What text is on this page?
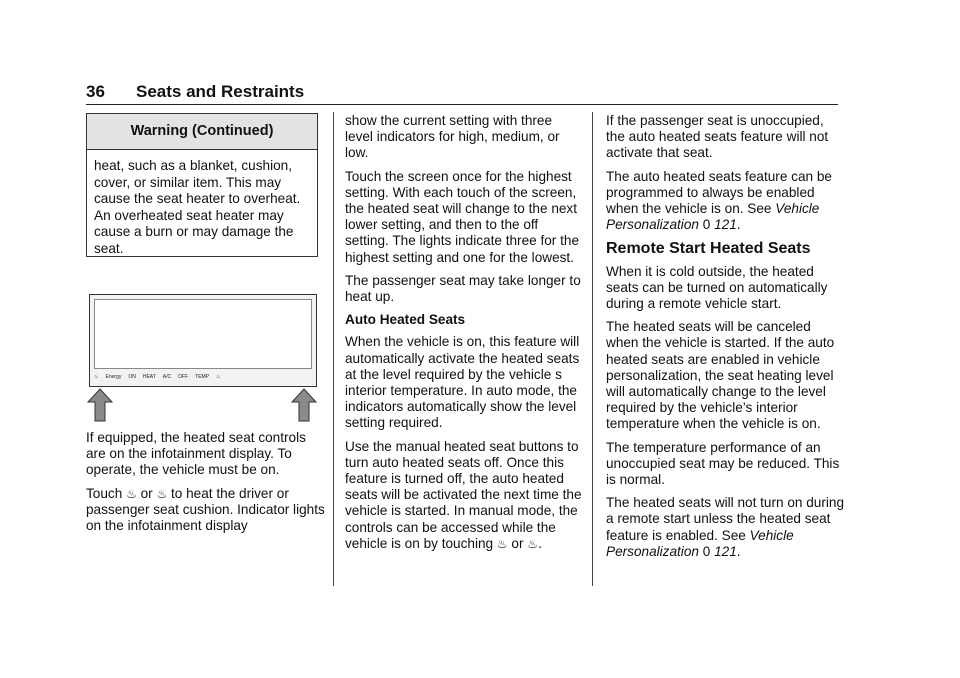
36 Seats and Restraints
Warning (Continued)
heat, such as a blanket, cushion, cover, or similar item. This may cause the seat heater to overheat. An overheated seat heater may cause a burn or may damage the seat.
♨ Energy ON HEAT A/C OFF TEMP ♨

If equipped, the heated seat controls are on the infotainment display. To operate, the vehicle must be on.

Touch ♨ or ♨ to heat the driver or passenger seat cushion. Indicator lights on the infotainment display

show the current setting with three level indicators for high, medium, or low.

Touch the screen once for the highest setting. With each touch of the screen, the heated seat will change to the next lower setting, and then to the off setting. The lights indicate three for the highest setting and one for the lowest.

The passenger seat may take longer to heat up.

Auto Heated Seats

When the vehicle is on, this feature will automatically activate the heated seats at the level required by the vehicle s interior temperature. In auto mode, the indicators automatically show the level setting required.

Use the manual heated seat buttons to turn auto heated seats off. Once this feature is turned off, the auto heated seats will be activated the next time the vehicle is started. In manual mode, the controls can be accessed while the vehicle is on by touching ♨ or ♨.

If the passenger seat is unoccupied, the auto heated seats feature will not activate that seat.

The auto heated seats feature can be programmed to always be enabled when the vehicle is on. See Vehicle Personalization 0 121.

Remote Start Heated Seats

When it is cold outside, the heated seats can be turned on automatically during a remote vehicle start.

The heated seats will be canceled when the vehicle is started. If the auto heated seats are enabled in vehicle personalization, the seat heating level will automatically change to the level required by the vehicle’s interior temperature when the vehicle is on.

The temperature performance of an unoccupied seat may be reduced. This is normal.

The heated seats will not turn on during a remote start unless the heated seat feature is enabled. See Vehicle Personalization 0 121.
